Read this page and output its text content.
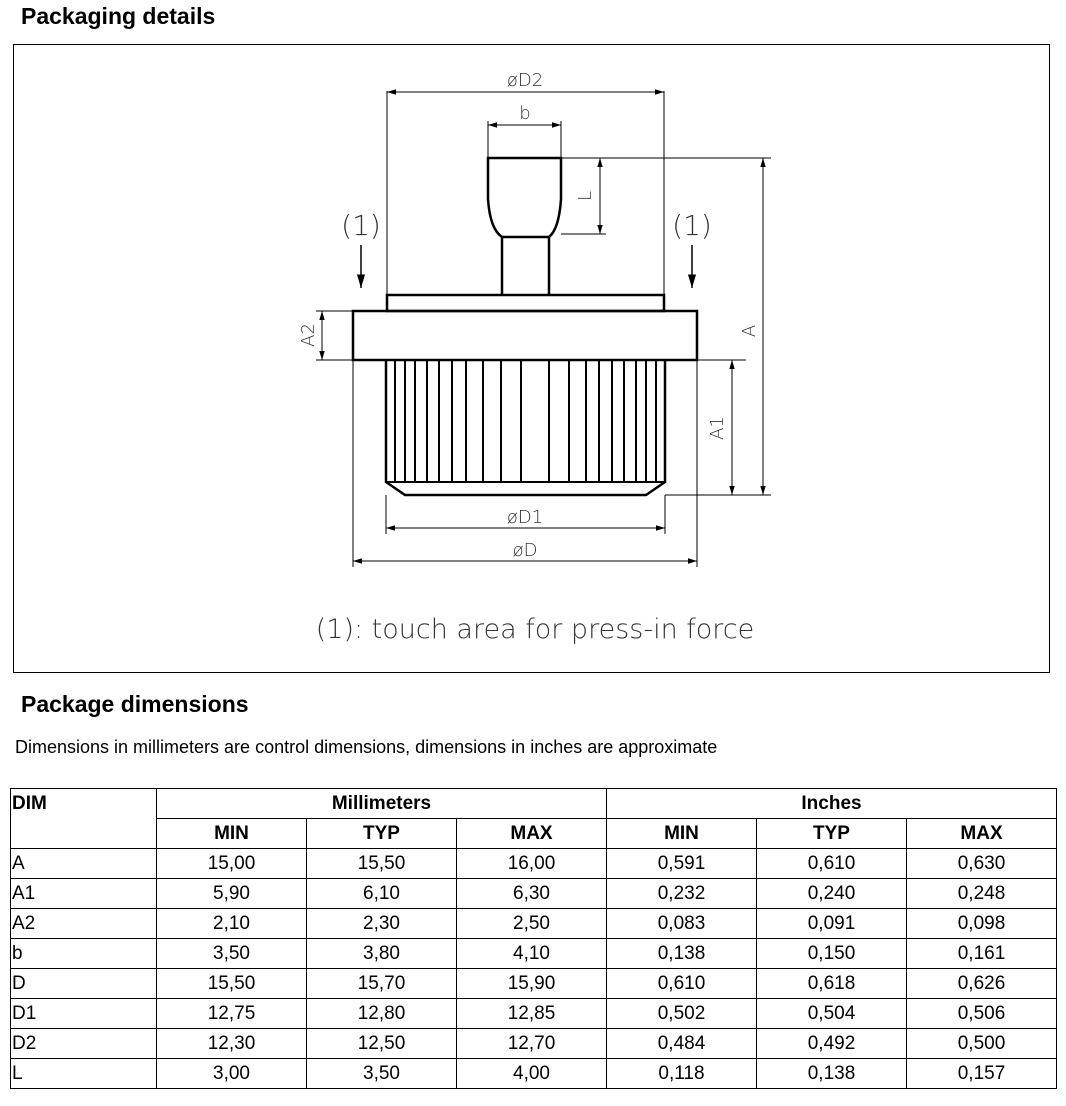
Packaging details
øD2
b
L
(1)	(1)
A2	A
A1
øD1
øD
(1): touch area for press-in force
Package dimensions
Dimensions in millimeters are control dimensions, dimensions in inches are approximate
DIM	Millimeters			Inches		
	MIN	TYP	MAX	MIN	TYP	MAX
A	15,00	15,50	16,00	0,591	0,610	0,630
A1	5,90	6,10	6,30	0,232	0,240	0,248
A2	2,10	2,30	2,50	0,083	0,091	0,098
b	3,50	3,80	4,10	0,138	0,150	0,161
D	15,50	15,70	15,90	0,610	0,618	0,626
D1	12,75	12,80	12,85	0,502	0,504	0,506
D2	12,30	12,50	12,70	0,484	0,492	0,500
L	3,00	3,50	4,00	0,118	0,138	0,157
